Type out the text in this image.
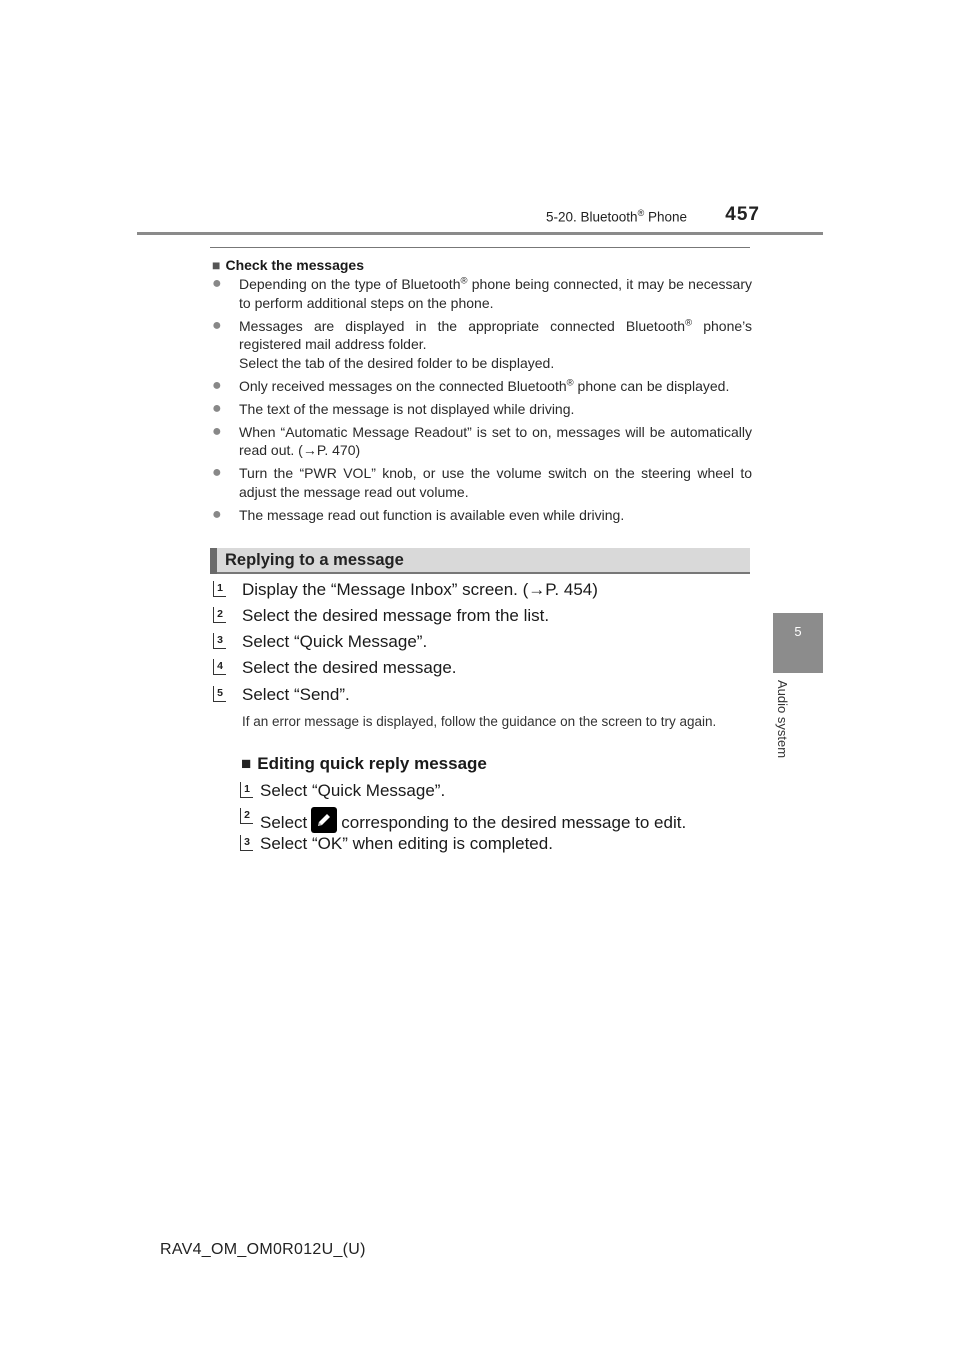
5-20. Bluetooth® Phone	457
5
Audio system
■ Check the messages
● Depending on the type of Bluetooth® phone being connected, it may be necessary to perform additional steps on the phone.
● Messages are displayed in the appropriate connected Bluetooth® phone’s registered mail address folder.
Select the tab of the desired folder to be displayed.
● Only received messages on the connected Bluetooth® phone can be displayed.
● The text of the message is not displayed while driving.
● When “Automatic Message Readout” is set to on, messages will be automatically read out. (→P. 470)
● Turn the “PWR VOL” knob, or use the volume switch on the steering wheel to adjust the message read out volume.
● The message read out function is available even while driving.
Replying to a message
1 Display the “Message Inbox” screen. (→P. 454)
2 Select the desired message from the list.
3 Select “Quick Message”.
4 Select the desired message.
5 Select “Send”.
If an error message is displayed, follow the guidance on the screen to try again.
■ Editing quick reply message
1 Select “Quick Message”.
2 Select corresponding to the desired message to edit.
3 Select “OK” when editing is completed.
RAV4_OM_OM0R012U_(U)
